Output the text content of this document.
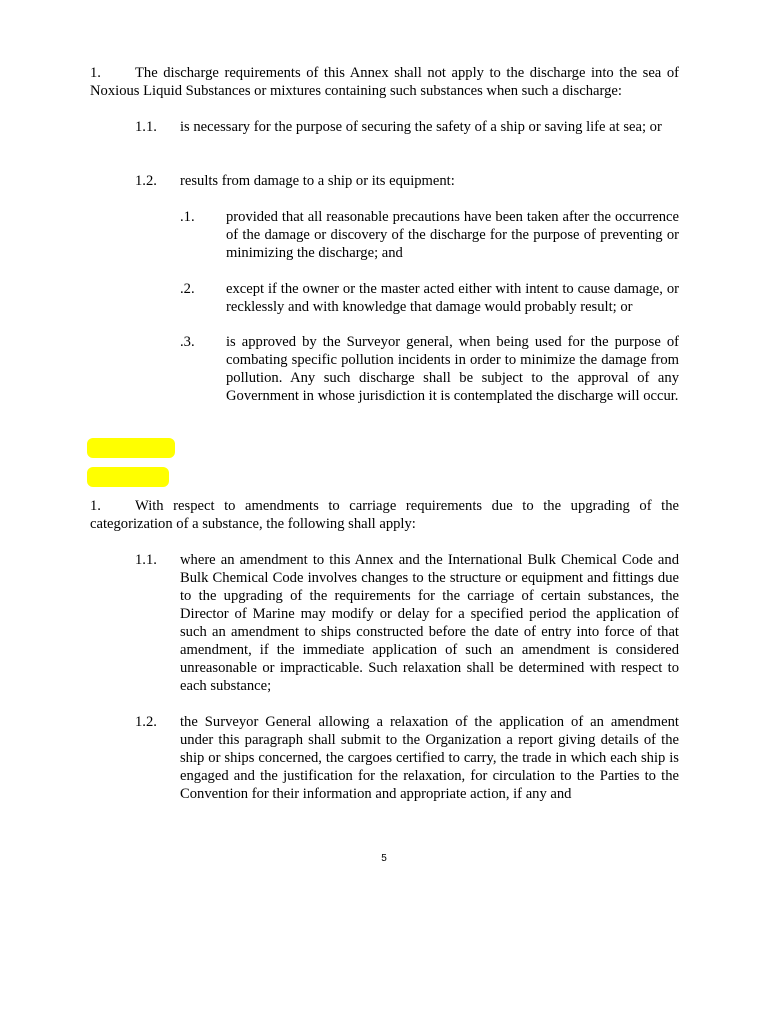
1. The discharge requirements of this Annex shall not apply to the discharge into the sea of Noxious Liquid Substances or mixtures containing such substances when such a discharge:
1.1. is necessary for the purpose of securing the safety of a ship or saving life at sea; or
1.2. results from damage to a ship or its equipment:
.1. provided that all reasonable precautions have been taken after the occurrence of the damage or discovery of the discharge for the purpose of preventing or minimizing the discharge; and
.2. except if the owner or the master acted either with intent to cause damage, or recklessly and with knowledge that damage would probably result; or
.3. is approved by the Surveyor general, when being used for the purpose of combating specific pollution incidents in order to minimize the damage from pollution. Any such discharge shall be subject to the approval of any Government in whose jurisdiction it is contemplated the discharge will occur.
1. With respect to amendments to carriage requirements due to the upgrading of the categorization of a substance, the following shall apply:
1.1. where an amendment to this Annex and the International Bulk Chemical Code and Bulk Chemical Code involves changes to the structure or equipment and fittings due to the upgrading of the requirements for the carriage of certain substances, the Director of Marine may modify or delay for a specified period the application of such an amendment to ships constructed before the date of entry into force of that amendment, if the immediate application of such an amendment is considered unreasonable or impracticable. Such relaxation shall be determined with respect to each substance;
1.2. the Surveyor General allowing a relaxation of the application of an amendment under this paragraph shall submit to the Organization a report giving details of the ship or ships concerned, the cargoes certified to carry, the trade in which each ship is engaged and the justification for the relaxation, for circulation to the Parties to the Convention for their information and appropriate action, if any and
5
